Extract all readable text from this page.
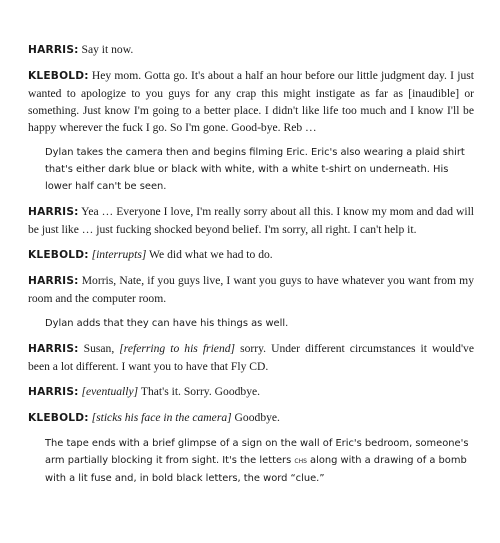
HARRIS: Say it now.

KLEBOLD: Hey mom. Gotta go. It's about a half an hour before our little judgment day. I just wanted to apologize to you guys for any crap this might instigate as far as [inaudible] or something. Just know I'm going to a better place. I didn't like life too much and I know I'll be happy wherever the fuck I go. So I'm gone. Good-bye. Reb …

Dylan takes the camera then and begins filming Eric. Eric's also wearing a plaid shirt that's either dark blue or black with white, with a white t-shirt on underneath. His lower half can't be seen.

HARRIS: Yea … Everyone I love, I'm really sorry about all this. I know my mom and dad will be just like … just fucking shocked beyond belief. I'm sorry, all right. I can't help it.

KLEBOLD: [interrupts] We did what we had to do.

HARRIS: Morris, Nate, if you guys live, I want you guys to have whatever you want from my room and the computer room.

Dylan adds that they can have his things as well.

HARRIS: Susan, [referring to his friend] sorry. Under different circumstances it would've been a lot different. I want you to have that Fly CD.

HARRIS: [eventually] That's it. Sorry. Goodbye.

KLEBOLD: [sticks his face in the camera] Goodbye.

The tape ends with a brief glimpse of a sign on the wall of Eric's bedroom, someone's arm partially blocking it from sight. It's the letters chs along with a drawing of a bomb with a lit fuse and, in bold black letters, the word “clue.”
